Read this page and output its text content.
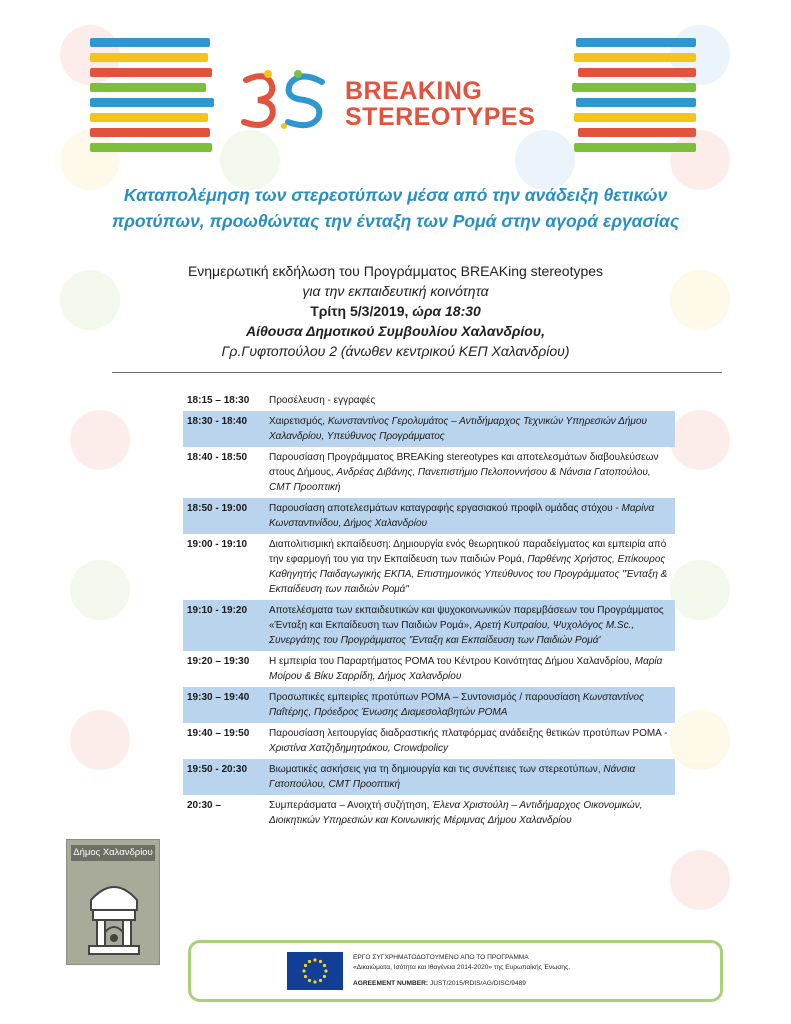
BREAKING
STEREOTYPES
Καταπολέμηση των στερεοτύπων μέσα από την ανάδειξη θετικών
προτύπων, προωθώντας την ένταξη των Ρομά στην αγορά εργασίας
Ενημερωτική εκδήλωση του Προγράμματος BREAKing stereotypes
για την εκπαιδευτική κοινότητα
Τρίτη 5/3/2019, ώρα 18:30
Αίθουσα Δημοτικού Συμβουλίου Χαλανδρίου,
Γρ.Γυφτοπούλου 2 (άνωθεν κεντρικού ΚΕΠ Χαλανδρίου)
18:15 – 18:30	Προσέλευση - εγγραφές
18:30 - 18:40	Χαιρετισμός, Κωνσταντίνος Γερολυμάτος – Αντιδήμαρχος Τεχνικών Υπηρεσιών Δήμου Χαλανδρίου, Υπεύθυνος Προγράμματος
18:40 - 18:50	Παρουσίαση Προγράμματος BREAKing stereotypes και αποτελεσμάτων διαβουλεύσεων στους Δήμους, Ανδρέας Διβάνης, Πανεπιστήμιο Πελοποννήσου & Νάνσια Γατοπούλου, CMT Προοπτική
18:50 - 19:00	Παρουσίαση αποτελεσμάτων καταγραφής εργασιακού προφίλ ομάδας στόχου - Μαρίνα Κωνσταντινίδου, Δήμος Χαλανδρίου
19:00 - 19:10	Διαπολιτισμική εκπαίδευση: Δημιουργία ενός θεωρητικού παραδείγματος και εμπειρία από την εφαρμογή του για την Εκπαίδευση των παιδιών Ρομά, Παρθένης Χρήστος, Επίκουρος Καθηγητής Παιδαγωγικής ΕΚΠΑ, Επιστημονικός Υπεύθυνος του Προγράμματος "Ένταξη & Εκπαίδευση των παιδιών Ρομά"
19:10 - 19:20	Αποτελέσματα των εκπαιδευτικών και ψυχοκοινωνικών παρεμβάσεων του Προγράμματος «Ένταξη και Εκπαίδευση των Παιδιών Ρομά», Αρετή Κυπραίου, Ψυχολόγος M.Sc., Συνεργάτης του Προγράμματος 'Ένταξη και Εκπαίδευση των Παιδιών Ρομά'
19:20 – 19:30	Η εμπειρία του Παραρτήματος ΡΟΜΑ του Κέντρου Κοινότητας Δήμου Χαλανδρίου, Μαρία Μοίρου & Βίκυ Σαρρίδη, Δήμος Χαλανδρίου
19:30 – 19:40	Προσωπικές εμπειρίες προτύπων ΡΟΜΑ – Συντονισμός / παρουσίαση Κωνσταντίνος Παΐτέρης, Πρόεδρος Ένωσης Διαμεσολαβητών ΡΟΜΑ
19:40 – 19:50	Παρουσίαση λειτουργίας διαδραστικής πλατφόρμας ανάδειξης θετικών προτύπων ΡΟΜΑ - Χριστίνα Χατζηδημητράκου, Crowdpolicy
19:50 - 20:30	Βιωματικές ασκήσεις για τη δημιουργία και τις συνέπειες των στερεοτύπων, Νάνσια Γατοπούλου, CMT Προοπτική
20:30 –	Συμπεράσματα – Ανοιχτή συζήτηση, Έλενα Χριστούλη – Αντιδήμαρχος Οικονομικών, Διοικητικών Υπηρεσιών και Κοινωνικής Μέριμνας Δήμου Χαλανδρίου
Δήμος Χαλανδρίου
ΕΡΓΟ ΣΥΓΧΡΗΜΑΤΟΔΟΤΟΥΜΕΝΟ ΑΠΟ ΤΟ ΠΡΟΓΡΑΜΜΑ
«Δικαιώματα, Ισότητα και Ιθαγένεια 2014-2020» της Ευρωπαϊκής Ένωσης.
AGREEMENT NUMBER: JUST/2015/RDIS/AG/DISC/9489
